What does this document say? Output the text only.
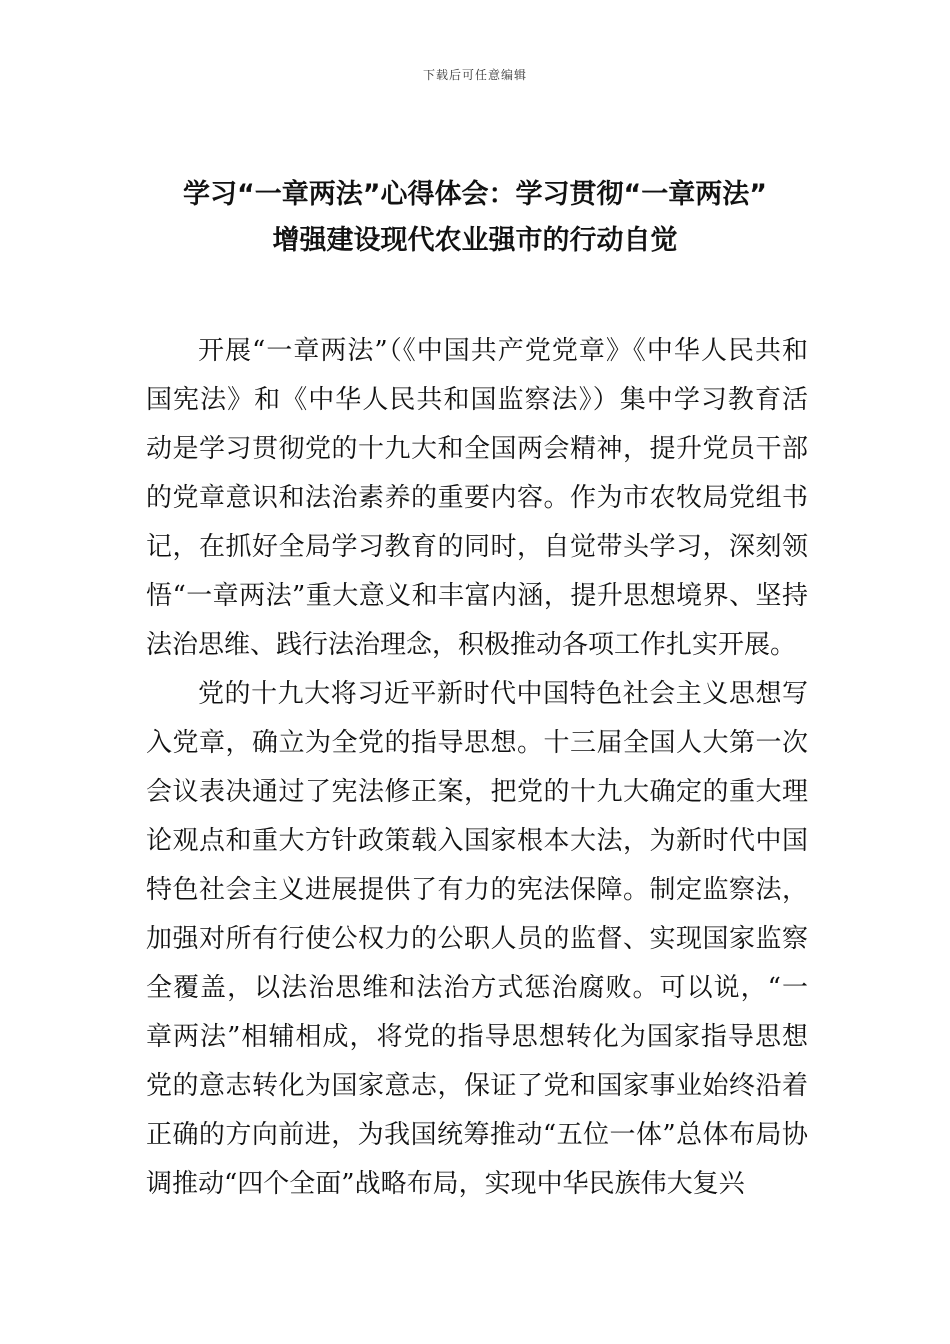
下载后可任意编辑
学习“一章两法”心得体会：学习贯彻“一章两法”
增强建设现代农业强市的行动自觉

开展“一章两法”（《中国共产党党章》《中华人民共和国宪法》和《中华人民共和国监察法》）集中学习教育活动是学习贯彻党的十九大和全国两会精神，提升党员干部的党章意识和法治素养的重要内容。作为市农牧局党组书记，在抓好全局学习教育的同时，自觉带头学习，深刻领悟“一章两法”重大意义和丰富内涵，提升思想境界、坚持法治思维、践行法治理念，积极推动各项工作扎实开展。

党的十九大将习近平新时代中国特色社会主义思想写入党章，确立为全党的指导思想。十三届全国人大第一次会议表决通过了宪法修正案，把党的十九大确定的重大理论观点和重大方针政策载入国家根本大法，为新时代中国特色社会主义进展提供了有力的宪法保障。制定监察法，加强对所有行使公权力的公职人员的监督、实现国家监察全覆盖，以法治思维和法治方式惩治腐败。可以说，“一章两法”相辅相成，将党的指导思想转化为国家指导思想党的意志转化为国家意志，保证了党和国家事业始终沿着正确的方向前进，为我国统筹推动“五位一体”总体布局协调推动“四个全面”战略布局，实现中华民族伟大复兴
